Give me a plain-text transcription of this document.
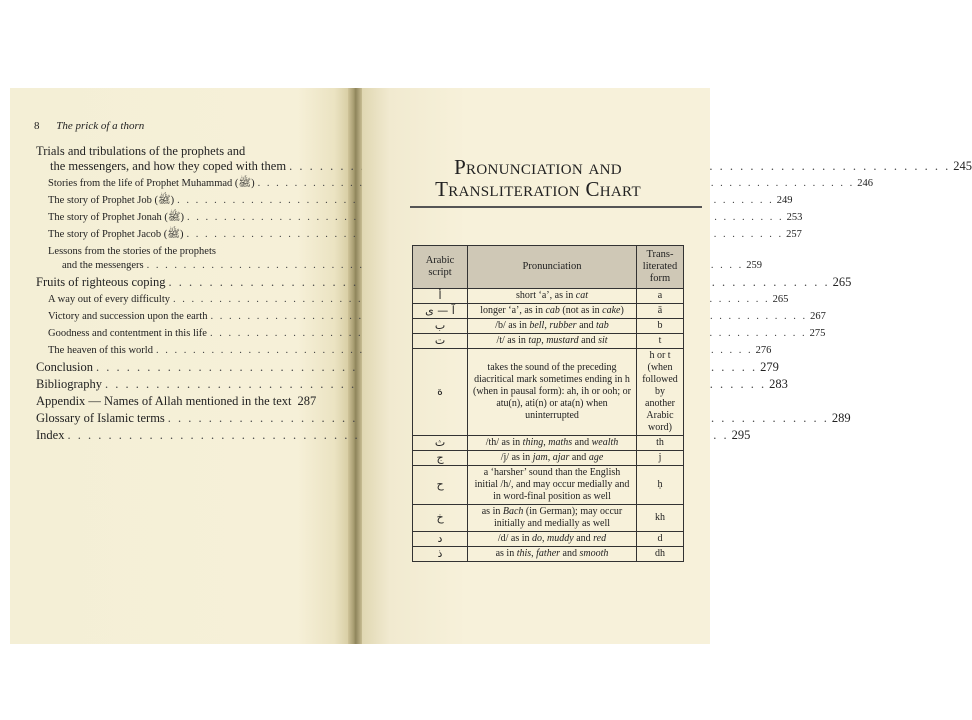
8 The prick of a thorn
Trials and tribulations of the prophets and
the messengers, and how they coped with them . . .	245
Stories from the life of Prophet Muhammad (ﷺ) . . .	246
The story of Prophet Job (ﷺ) . . .	249
The story of Prophet Jonah (ﷺ) . . .	253
The story of Prophet Jacob (ﷺ) . . .	257
Lessons from the stories of the prophets
and the messengers . . .	259
Fruits of righteous coping . . .	265
A way out of every difficulty . . .	265
Victory and succession upon the earth . . .	267
Goodness and contentment in this life . . .	275
The heaven of this world . . .	276
Conclusion . . .	279
Bibliography . . .	283
Appendix — Names of Allah mentioned in the text 287
Glossary of Islamic terms . . .	289
Index . . .	295
Pronunciation and
Transliteration Chart
Arabic script	Pronunciation	Trans-literated form
أ	short ‘a’, as in cat	a
آ — ى	longer ‘a’, as in cab (not as in cake)	ā
ب	/b/ as in bell, rubber and tab	b
ت	/t/ as in tap, mustard and sit	t
ة	takes the sound of the preceding diacritical mark sometimes ending in h (when in pausal form): ah, ih or ooh; or atu(n), ati(n) or ata(n) when uninterrupted	h or t (when followed by another Arabic word)
ث	/th/ as in thing, maths and wealth	th
ج	/j/ as in jam, ajar and age	j
ح	a ‘harsher’ sound than the English initial /h/, and may occur medially and in word-final position as well	ḥ
خ	as in Bach (in German); may occur initially and medially as well	kh
د	/d/ as in do, muddy and red	d
ذ	as in this, father and smooth	dh
